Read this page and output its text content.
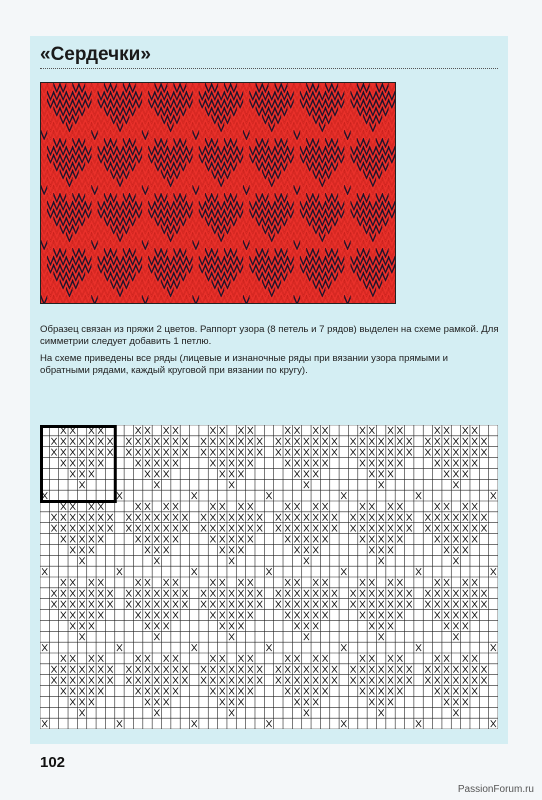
«Сердечки»

Образец связан из пряжи 2 цветов. Раппорт узора (8 петель и 7 рядов) выделен на схеме рамкой. Для симметрии следует добавить 1 петлю.

На схеме приведены все ряды (лицевые и изнаночные ряды при вязании узора прямыми и обратными рядами, каждый круговой при вязании по кругу).

102
PassionForum.ru
